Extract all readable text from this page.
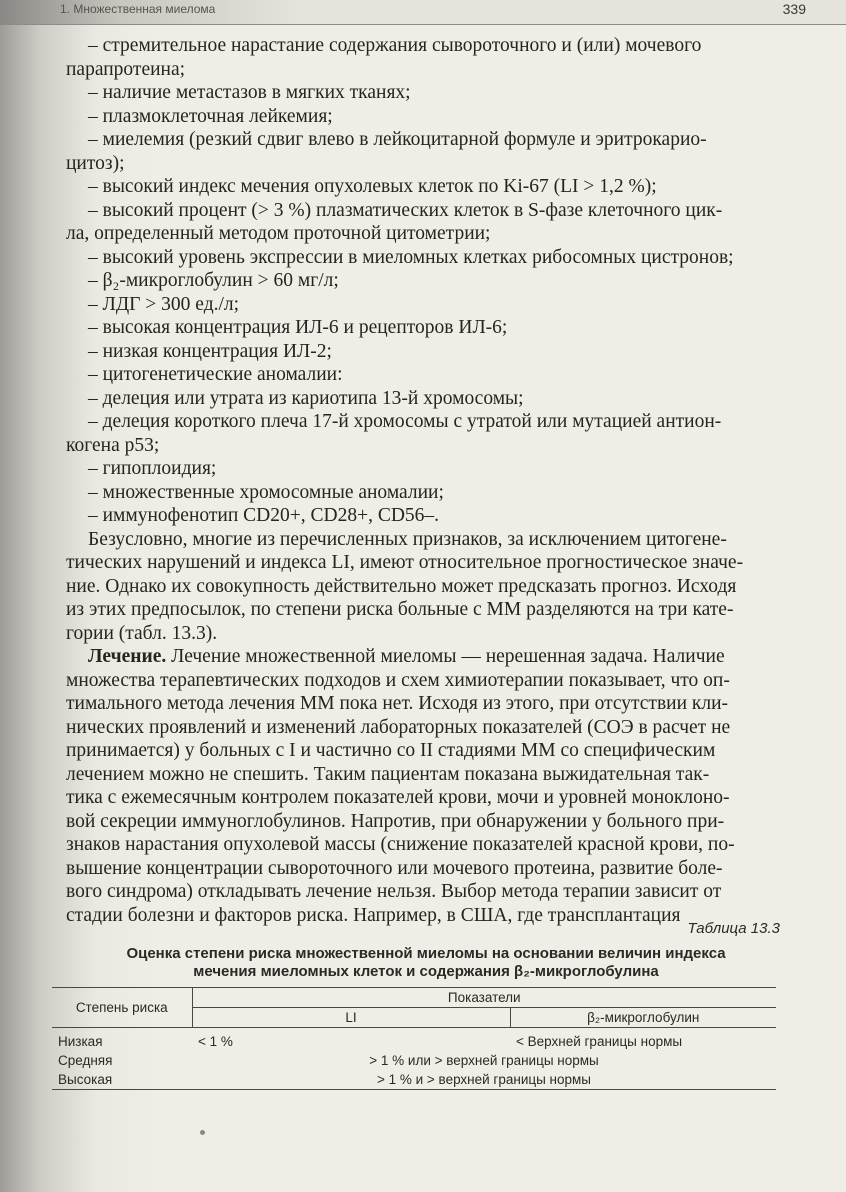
1. Множественная миелома	339
– стремительное нарастание содержания сывороточного и (или) мочевого
парапротеина;
– наличие метастазов в мягких тканях;
– плазмоклеточная лейкемия;
– миелемия (резкий сдвиг влево в лейкоцитарной формуле и эритрокарио-
цитоз);
– высокий индекс мечения опухолевых клеток по Ki-67 (LI > 1,2 %);
– высокий процент (> 3 %) плазматических клеток в S-фазе клеточного цик-
ла, определенный методом проточной цитометрии;
– высокий уровень экспрессии в миеломных клетках рибосомных цистронов;
– β₂-микроглобулин > 60 мг/л;
– ЛДГ > 300 ед./л;
– высокая концентрация ИЛ-6 и рецепторов ИЛ-6;
– низкая концентрация ИЛ-2;
– цитогенетические аномалии:
– делеция или утрата из кариотипа 13-й хромосомы;
– делеция короткого плеча 17-й хромосомы с утратой или мутацией антион-
когена p53;
– гипоплоидия;
– множественные хромосомные аномалии;
– иммунофенотип CD20+, CD28+, CD56–.
Безусловно, многие из перечисленных признаков, за исключением цитогене-
тических нарушений и индекса LI, имеют относительное прогностическое значе-
ние. Однако их совокупность действительно может предсказать прогноз. Исходя
из этих предпосылок, по степени риска больные с ММ разделяются на три кате-
гории (табл. 13.3).
Лечение. Лечение множественной миеломы — нерешенная задача. Наличие
множества терапевтических подходов и схем химиотерапии показывает, что оп-
тимального метода лечения ММ пока нет. Исходя из этого, при отсутствии кли-
нических проявлений и изменений лабораторных показателей (СОЭ в расчет не
принимается) у больных с I и частично со II стадиями ММ со специфическим
лечением можно не спешить. Таким пациентам показана выжидательная так-
тика с ежемесячным контролем показателей крови, мочи и уровней моноклоно-
вой секреции иммуноглобулинов. Напротив, при обнаружении у больного при-
знаков нарастания опухолевой массы (снижение показателей красной крови, по-
вышение концентрации сывороточного или мочевого протеина, развитие боле-
вого синдрома) откладывать лечение нельзя. Выбор метода терапии зависит от
стадии болезни и факторов риска. Например, в США, где трансплантация
Таблица 13.3
Оценка степени риска множественной миеломы на основании величин индекса
мечения миеломных клеток и содержания β₂-микроглобулина
Степень риска	Показатели	
	LI	β₂-микроглобулин
Низкая	< 1 %	< Верхней границы нормы
Средняя	> 1 % или > верхней границы нормы	
Высокая	> 1 % и > верхней границы нормы	
